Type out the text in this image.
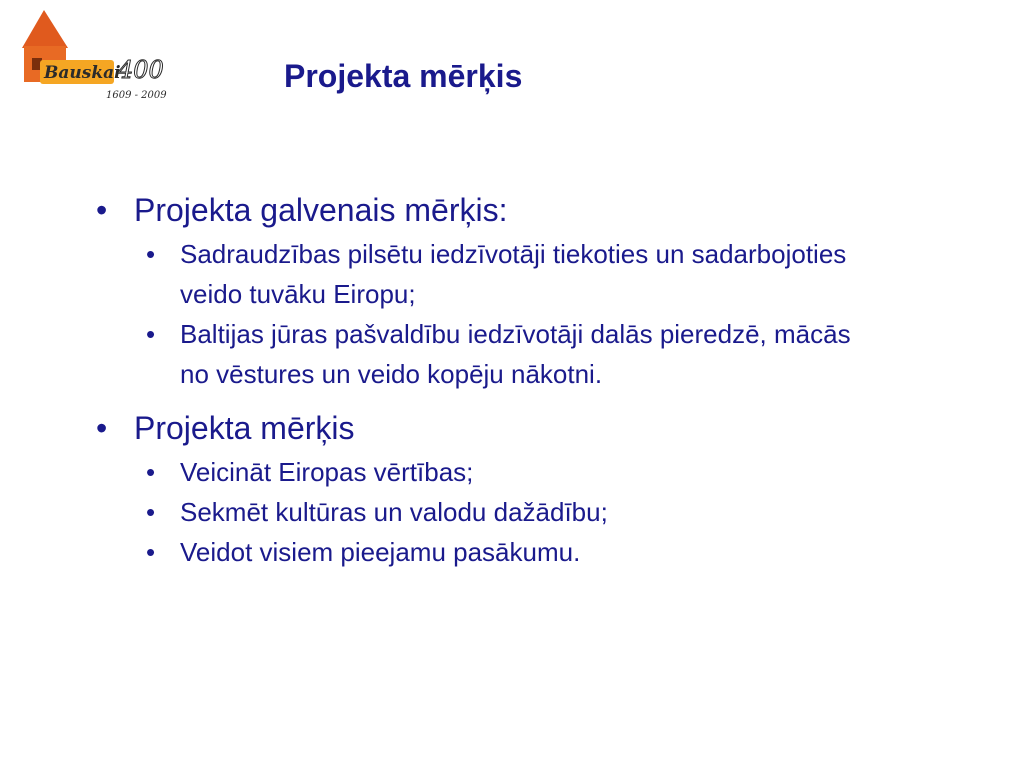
Bauskai
400
1609 - 2009
Projekta mērķis
• Projekta galvenais mērķis:
• Sadraudzības pilsētu iedzīvotāji tiekoties un sadarbojoties veido tuvāku Eiropu;
• Baltijas jūras pašvaldību iedzīvotāji dalās pieredzē, mācās no vēstures un veido kopēju nākotni.
• Projekta mērķis
• Veicināt Eiropas vērtības;
• Sekmēt kultūras un valodu dažādību;
• Veidot visiem pieejamu pasākumu.
